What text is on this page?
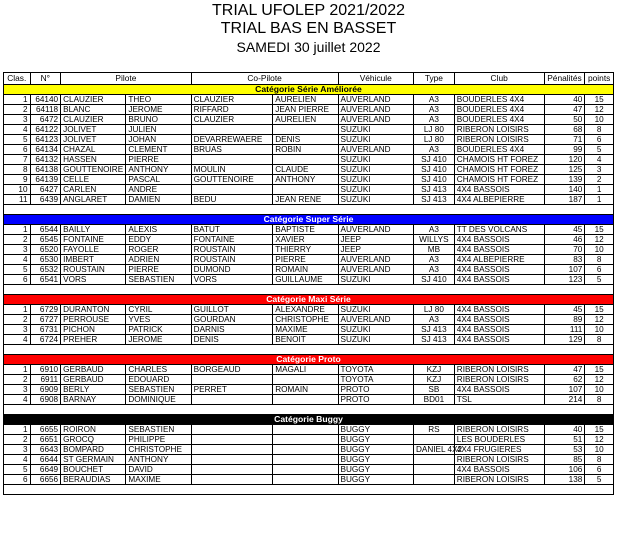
TRIAL UFOLEP 2021/2022
TRIAL BAS EN BASSET
SAMEDI 30 juillet 2022
Clas.	N°	Pilote		Co-Pilote		Véhicule	Type	Club	Pénalités	points
Catégorie Série Améliorée										
1	64140	CLAUZIER	THEO	CLAUZIER	AURELIEN	AUVERLAND	A3	BOUDERLES 4X4	40	15
2	64118	BLANC	JEROME	RIFFARD	JEAN PIERRE	AUVERLAND	A3	BOUDERLES 4X4	47	12
3	6472	CLAUZIER	BRUNO	CLAUZIER	AURELIEN	AUVERLAND	A3	BOUDERLES 4X4	50	10
4	64122	JOLIVET	JULIEN			SUZUKI	LJ 80	RIBERON LOISIRS	68	8
5	64123	JOLIVET	JOHAN	DEVARREWAERE	DENIS	SUZUKI	LJ 80	RIBERON LOISIRS	71	6
6	64134	CHAZAL	CLEMENT	BRUAS	ROBIN	AUVERLAND	A3	BOUDERLES 4X4	99	5
7	64132	HASSEN	PIERRE			SUZUKI	SJ 410	CHAMOIS HT FOREZ	120	4
8	64138	GOUTTENOIRE	ANTHONY	MOULIN	CLAUDE	SUZUKI	SJ 410	CHAMOIS HT FOREZ	125	3
9	64139	CELLE	PASCAL	GOUTTENOIRE	ANTHONY	SUZUKI	SJ 410	CHAMOIS HT FOREZ	139	2
10	6427	CARLEN	ANDRE			SUZUKI	SJ 413	4X4 BASSOIS	140	1
11	6439	ANGLARET	DAMIEN	BEDU	JEAN RENE	SUZUKI	SJ 413	4X4 ALBEPIERRE	187	1

Catégorie Super Série										
1	6544	BAILLY	ALEXIS	BATUT	BAPTISTE	AUVERLAND	A3	TT DES VOLCANS	45	15
2	6545	FONTAINE	EDDY	FONTAINE	XAVIER	JEEP	WILLYS	4X4 BASSOIS	46	12
3	6520	FAYOLLE	ROGER	ROUSTAIN	THIERRY	JEEP	MB	4X4 BASSOIS	70	10
4	6530	IMBERT	ADRIEN	ROUSTAIN	PIERRE	AUVERLAND	A3	4X4 ALBEPIERRE	83	8
5	6532	ROUSTAIN	PIERRE	DUMOND	ROMAIN	AUVERLAND	A3	4X4 BASSOIS	107	6
6	6541	VORS	SEBASTIEN	VORS	GUILLAUME	SUZUKI	SJ 410	4X4 BASSOIS	123	5

Catégorie Maxi Série										
1	6729	DURANTON	CYRIL	GUILLOT	ALEXANDRE	SUZUKI	LJ 80	4X4 BASSOIS	45	15
2	6727	PERROUSE	YVES	GOURDAN	CHRISTOPHE	AUVERLAND	A3	4X4 BASSOIS	89	12
3	6731	PICHON	PATRICK	DARNIS	MAXIME	SUZUKI	SJ 413	4X4 BASSOIS	111	10
4	6724	PREHER	JEROME	DENIS	BENOIT	SUZUKI	SJ 413	4X4 BASSOIS	129	8

Catégorie Proto										
1	6910	GERBAUD	CHARLES	BORGEAUD	MAGALI	TOYOTA	KZJ	RIBERON LOISIRS	47	15
2	6911	GERBAUD	EDOUARD			TOYOTA	KZJ	RIBERON LOISIRS	62	12
3	6909	BERLY	SEBASTIEN	PERRET	ROMAIN	PROTO	SB	4X4 BASSOIS	107	10
4	6908	BARNAY	DOMINIQUE			PROTO	BD01	TSL	214	8

Catégorie Buggy										
1	6655	ROIRON	SEBASTIEN			BUGGY	RS	RIBERON LOISIRS	40	15
2	6651	GROCQ	PHILIPPE			BUGGY		LES BOUDERLES	51	12
3	6643	BOMPARD	CHRISTOPHE			BUGGY	DANIEL 4X2	4X4 FRUGIERES	53	10
4	6644	ST GERMAIN	ANTHONY			BUGGY		RIBERON LOISIRS	85	8
5	6649	BOUCHET	DAVID			BUGGY		4X4 BASSOIS	106	6
6	6656	BERAUDIAS	MAXIME			BUGGY		RIBERON LOISIRS	138	5
